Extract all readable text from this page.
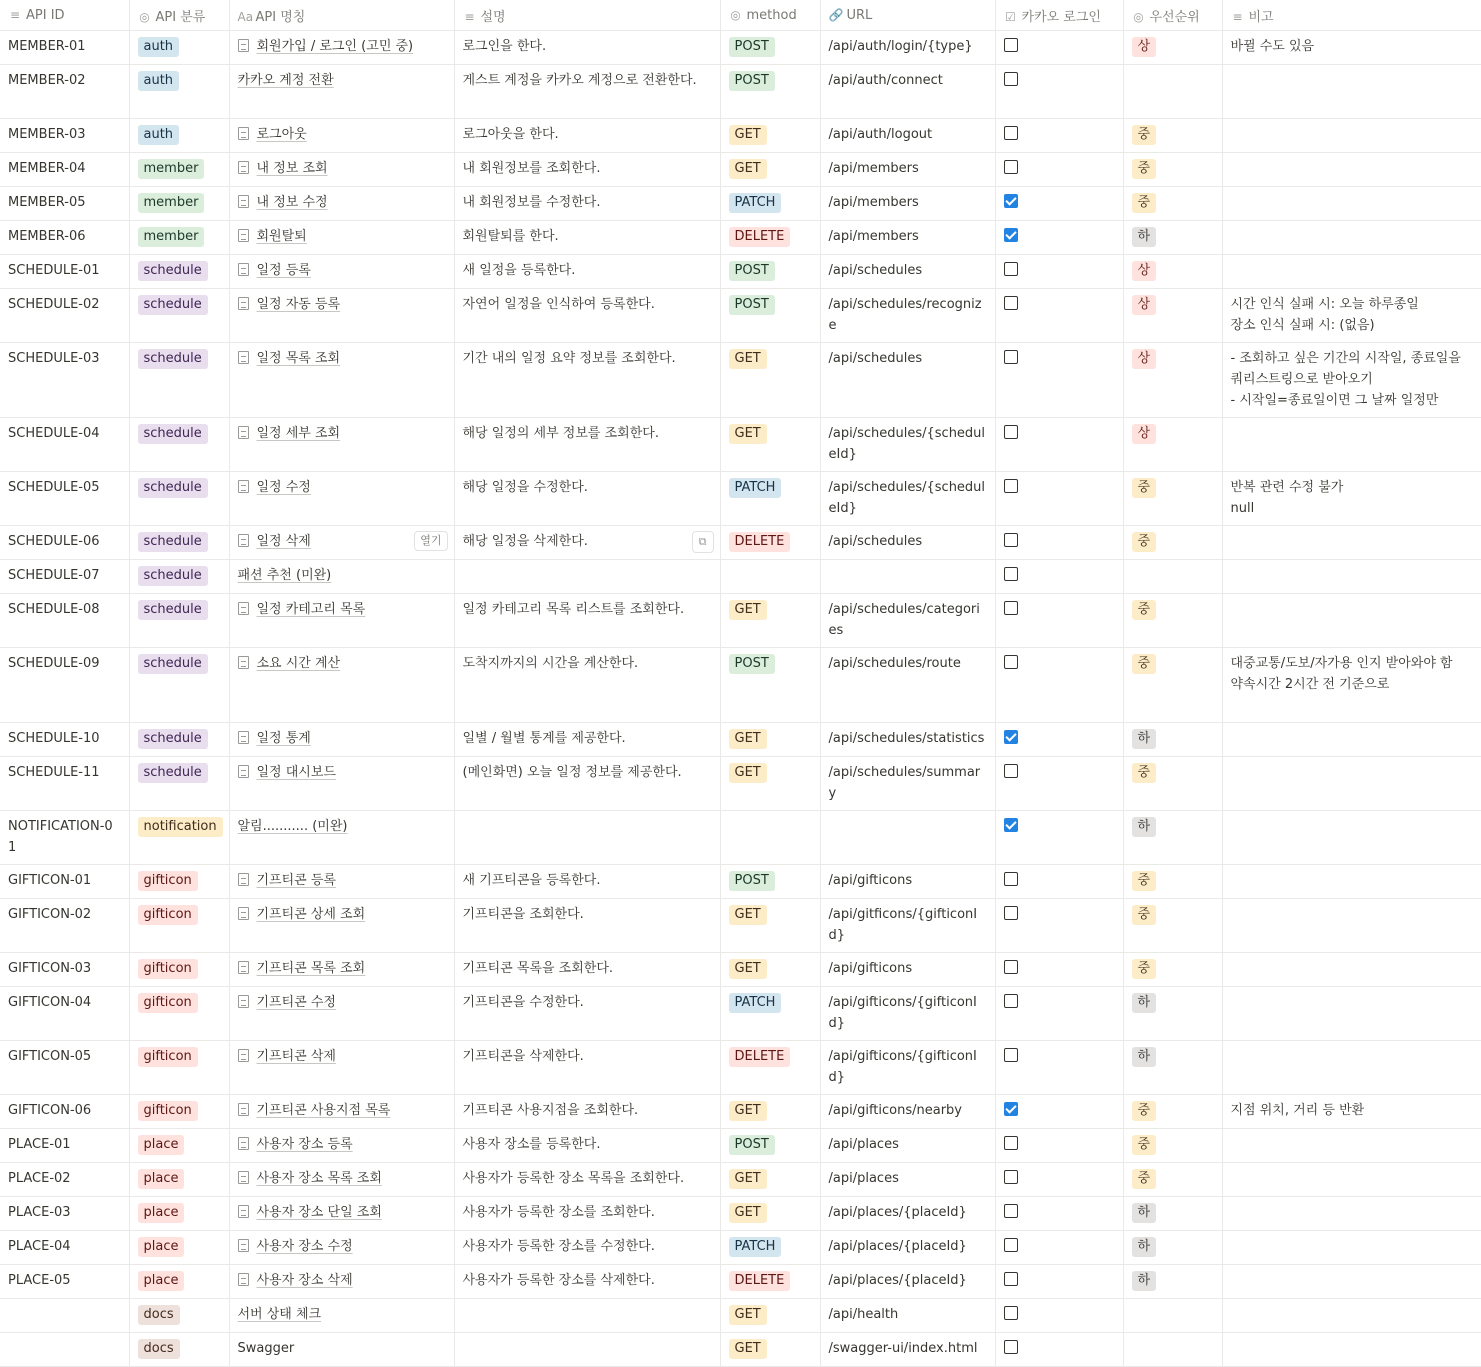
≡ API ID	◎ API 분류	Aa API 명칭	≡ 설명	◎ method	🔗 URL	☑ 카카오 로그인	◎ 우선순위	≡ 비고
MEMBER-01	auth	회원가입 / 로그인 (고민 중)	로그인을 한다.	POST	/api/auth/login/{type}		상	바뀔 수도 있음

MEMBER-02	auth	카카오 계정 전환	게스트 계정을 카카오 계정으로 전환한다.	POST	/api/auth/connect			
MEMBER-03	auth	로그아웃	로그아웃을 한다.	GET	/api/auth/logout		중	
MEMBER-04	member	내 정보 조회	내 회원정보를 조회한다.	GET	/api/members		중	
MEMBER-05	member	내 정보 수정	내 회원정보를 수정한다.	PATCH	/api/members		중	
MEMBER-06	member	회원탈퇴	회원탈퇴를 한다.	DELETE	/api/members		하	
SCHEDULE-01	schedule	일정 등록	새 일정을 등록한다.	POST	/api/schedules		상	
SCHEDULE-02	schedule	일정 자동 등록	자연어 일정을 인식하여 등록한다.	POST	/api/schedules/recognize		상	시간 인식 실패 시: 오늘 하루종일
장소 인식 실패 시: (없음)

SCHEDULE-03	schedule	일정 목록 조회	기간 내의 일정 요약 정보를 조회한다.	GET	/api/schedules		상	- 조회하고 싶은 기간의 시작일, 종료일을 쿼리스트링으로 받아오기
- 시작일=종료일이면 그 날짜 일정만

SCHEDULE-04	schedule	일정 세부 조회	해당 일정의 세부 정보를 조회한다.	GET	/api/schedules/{scheduleId}		상	
SCHEDULE-05	schedule	일정 수정	해당 일정을 수정한다.	PATCH	/api/schedules/{scheduleId}		중	반복 관련 수정 불가
null

SCHEDULE-06	schedule	일정 삭제 열기	해당 일정을 삭제한다. ⧉	DELETE	/api/schedules		중	
SCHEDULE-07	schedule	패션 추천 (미완)						
SCHEDULE-08	schedule	일정 카테고리 목록	일정 카테고리 목록 리스트를 조회한다.	GET	/api/schedules/categories		중	
SCHEDULE-09	schedule	소요 시간 계산	도착지까지의 시간을 계산한다.	POST	/api/schedules/route		중	대중교통/도보/자가용 인지 받아와야 함
약속시간 2시간 전 기준으로

SCHEDULE-10	schedule	일정 통계	일별 / 월별 통계를 제공한다.	GET	/api/schedules/statistics		하	
SCHEDULE-11	schedule	일정 대시보드	(메인화면) 오늘 일정 정보를 제공한다.	GET	/api/schedules/summary		중	
NOTIFICATION-01	notification	알림........... (미완)					하	
GIFTICON-01	gifticon	기프티콘 등록	새 기프티콘을 등록한다.	POST	/api/gifticons		중	
GIFTICON-02	gifticon	기프티콘 상세 조회	기프티콘을 조회한다.	GET	/api/gitficons/{gifticonId}		중	
GIFTICON-03	gifticon	기프티콘 목록 조회	기프티콘 목록을 조회한다.	GET	/api/gifticons		중	
GIFTICON-04	gifticon	기프티콘 수정	기프티콘을 수정한다.	PATCH	/api/gifticons/{gifticonId}		하	
GIFTICON-05	gifticon	기프티콘 삭제	기프티콘을 삭제한다.	DELETE	/api/gifticons/{gifticonId}		하	
GIFTICON-06	gifticon	기프티콘 사용지점 목록	기프티콘 사용지점을 조회한다.	GET	/api/gifticons/nearby		중	지점 위치, 거리 등 반환

PLACE-01	place	사용자 장소 등록	사용자 장소를 등록한다.	POST	/api/places		중	
PLACE-02	place	사용자 장소 목록 조회	사용자가 등록한 장소 목록을 조회한다.	GET	/api/places		중	
PLACE-03	place	사용자 장소 단일 조회	사용자가 등록한 장소를 조회한다.	GET	/api/places/{placeId}		하	
PLACE-04	place	사용자 장소 수정	사용자가 등록한 장소를 수정한다.	PATCH	/api/places/{placeId}		하	
PLACE-05	place	사용자 장소 삭제	사용자가 등록한 장소를 삭제한다.	DELETE	/api/places/{placeId}		하	
	docs	서버 상태 체크		GET	/api/health			
	docs	Swagger		GET	/swagger-ui/index.html			
